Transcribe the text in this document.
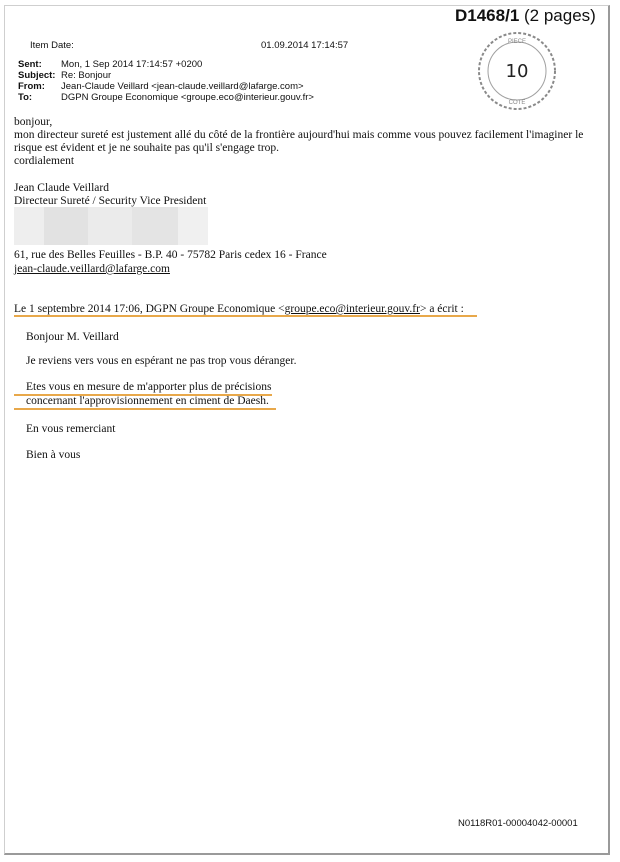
D1468/1 (2 pages)
PIECE
COTE
10
Item Date:	01.09.2014 17:14:57
Sent:	Mon, 1 Sep 2014 17:14:57 +0200
Subject: Re: Bonjour
From:	Jean-Claude Veillard <jean-claude.veillard@lafarge.com>
To:	DGPN Groupe Economique <groupe.eco@interieur.gouv.fr>
bonjour,
mon directeur sureté est justement allé du côté de la frontière aujourd'hui mais comme vous pouvez facilement l'imaginer le
risque est évident et je ne souhaite pas qu'il s'engage trop.
cordialement
Jean Claude Veillard
Directeur Sureté / Security Vice President
61, rue des Belles Feuilles - B.P. 40 - 75782 Paris cedex 16 - France
jean-claude.veillard@lafarge.com
Le 1 septembre 2014 17:06, DGPN Groupe Economique <groupe.eco@interieur.gouv.fr> a écrit :
Bonjour M. Veillard
Je reviens vers vous en espérant ne pas trop vous déranger.
Etes vous en mesure de m'apporter plus de précisions
concernant l'approvisionnement en ciment de Daesh.
En vous remerciant
Bien à vous
N0118R01-00004042-00001
